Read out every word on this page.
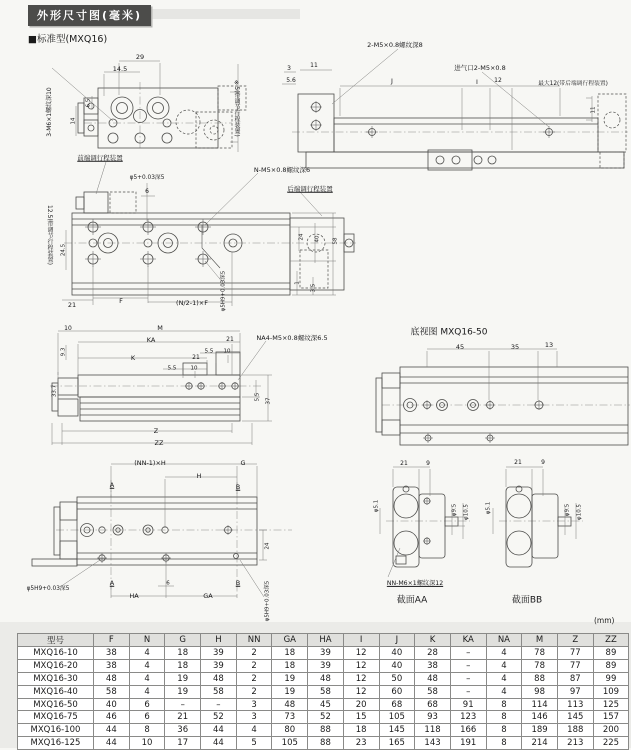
外形尺寸图(毫米)
■标准型(MXQ16)
(mm)
29
14.5
3-M6×1螺纹深10	6.5
14	※5(带调节行程装置)
前端调行程装置
2-M5×0.8螺纹深8
进气口2-M5×0.8
最大12(带后端调行程装置)
3	11
5.6	J	I	12
11
φ5+0.03深5
6
N-M5×0.8螺纹深6
后端调行程装置
12.5(带调节行程装置) 24.5
24 40 58
1
3.5
21	F	(N/2-1)×F φ5H9+0.03深5
10	M
KA	21
5.5 10
K	21
5.5	10
NA4-M5×0.8螺纹深6.5
5.5 37
Z
ZZ
9.3
33.7
(NN-1)×H	G
H
A	B
24
A	6	B
HA	GA
φ5H9+0.03深5	φ5H9+0.03深5
底视图 MXQ16-50
45	35	13
21	9
φ5.1	φ9.5 φ10.5
NN-M6×1螺纹深12
截面AA
21	9
φ5.1	φ9.5 φ10.5
截面BB
型号	F	N	G	H	NN	GA	HA	I	J	K	KA	NA	M	Z	ZZ
MXQ16-10	38	4	18	39	2	18	39	12	40	28	–	4	78	77	89
MXQ16-20	38	4	18	39	2	18	39	12	40	38	–	4	78	77	89
MXQ16-30	48	4	19	48	2	19	48	12	50	48	–	4	88	87	99
MXQ16-40	58	4	19	58	2	19	58	12	60	58	–	4	98	97	109
MXQ16-50	40	6	–	–	3	48	45	20	68	68	91	8	114	113	125
MXQ16-75	46	6	21	52	3	73	52	15	105	93	123	8	146	145	157
MXQ16-100	44	8	36	44	4	80	88	18	145	118	166	8	189	188	200
MXQ16-125	44	10	17	44	5	105	88	23	165	143	191	8	214	213	225
